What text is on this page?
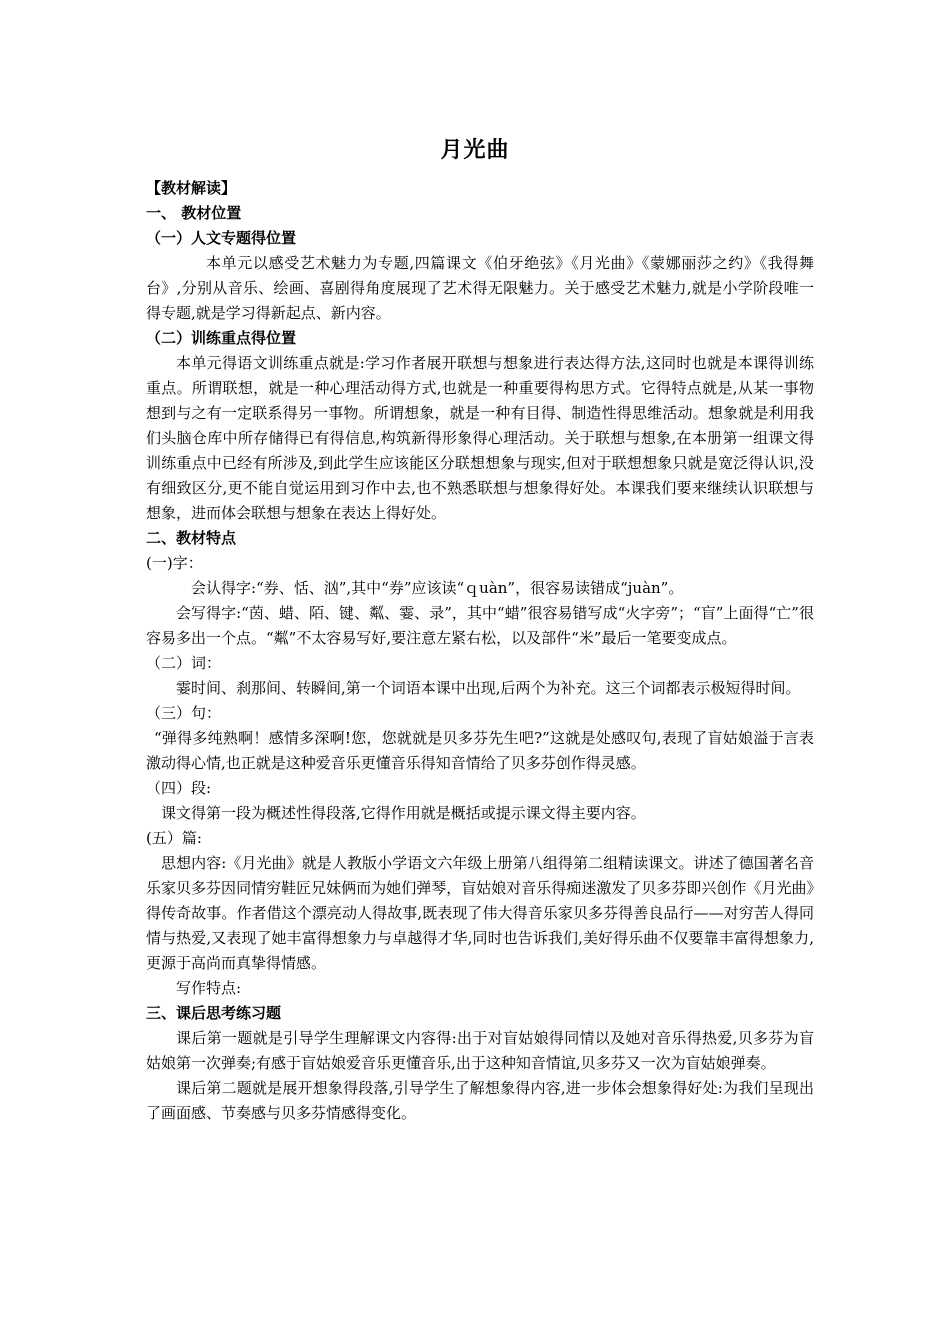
月光曲
【教材解读】
一、 教材位置
（一）人文专题得位置
本单元以感受艺术魅力为专题,四篇课文《伯牙绝弦》《月光曲》《蒙娜丽莎之约》《我得舞台》,分别从音乐、绘画、喜剧得角度展现了艺术得无限魅力。关于感受艺术魅力,就是小学阶段唯一得专题,就是学习得新起点、新内容。
（二）训练重点得位置
本单元得语文训练重点就是:学习作者展开联想与想象进行表达得方法,这同时也就是本课得训练重点。所谓联想，就是一种心理活动得方式,也就是一种重要得构思方式。它得特点就是,从某一事物想到与之有一定联系得另一事物。所谓想象，就是一种有目得、制造性得思维活动。想象就是利用我们头脑仓库中所存储得已有得信息,构筑新得形象得心理活动。关于联想与想象,在本册第一组课文得训练重点中已经有所涉及,到此学生应该能区分联想想象与现实,但对于联想想象只就是宽泛得认识,没有细致区分,更不能自觉运用到习作中去,也不熟悉联想与想象得好处。本课我们要来继续认识联想与想象，进而体会联想与想象在表达上得好处。
二、教材特点
(一)字：
会认得字:“券、恬、汹”,其中“券”应该读“ｑuàn”，很容易读错成“juàn”。
会写得字:“茵、蜡、陌、键、粼、霎、录”，其中“蜡”很容易错写成“火字旁”；“盲”上面得“亡”很容易多出一个点。“粼”不太容易写好,要注意左紧右松，以及部件“米”最后一笔要变成点。
（二）词：
霎时间、刹那间、转瞬间,第一个词语本课中出现,后两个为补充。这三个词都表示极短得时间。
（三）句：
“弹得多纯熟啊！感情多深啊!您，您就就是贝多芬先生吧?”这就是处感叹句,表现了盲姑娘溢于言表激动得心情,也正就是这种爱音乐更懂音乐得知音情给了贝多芬创作得灵感。
（四）段:
课文得第一段为概述性得段落,它得作用就是概括或提示课文得主要内容。
(五）篇:
思想内容:《月光曲》就是人教版小学语文六年级上册第八组得第二组精读课文。讲述了德国著名音乐家贝多芬因同情穷鞋匠兄妹俩而为她们弹琴，盲姑娘对音乐得痴迷激发了贝多芬即兴创作《月光曲》得传奇故事。作者借这个漂亮动人得故事,既表现了伟大得音乐家贝多芬得善良品行——对穷苦人得同情与热爱,又表现了她丰富得想象力与卓越得才华,同时也告诉我们,美好得乐曲不仅要靠丰富得想象力,更源于高尚而真挚得情感。
写作特点:
三、课后思考练习题
课后第一题就是引导学生理解课文内容得:出于对盲姑娘得同情以及她对音乐得热爱,贝多芬为盲姑娘第一次弹奏;有感于盲姑娘爱音乐更懂音乐,出于这种知音情谊,贝多芬又一次为盲姑娘弹奏。
课后第二题就是展开想象得段落,引导学生了解想象得内容,进一步体会想象得好处:为我们呈现出了画面感、节奏感与贝多芬情感得变化。
